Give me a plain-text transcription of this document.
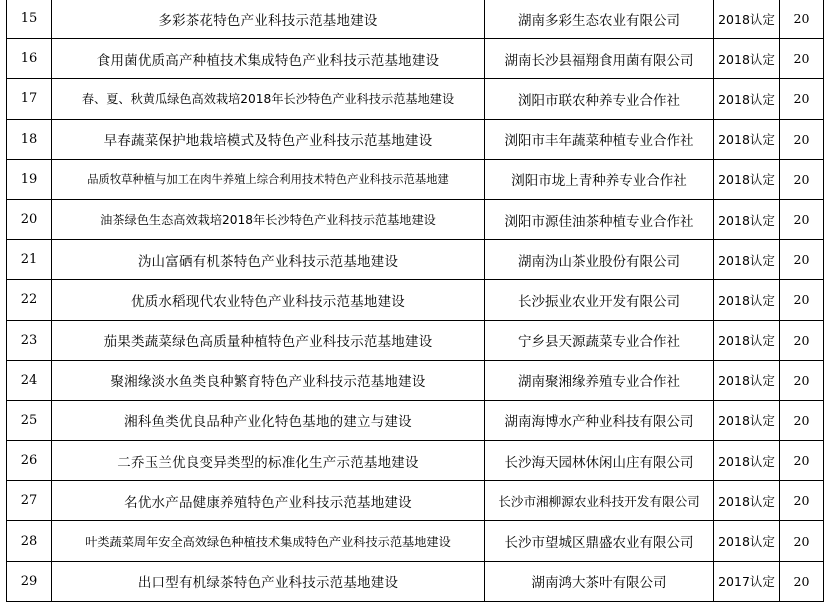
15	多彩茶花特色产业科技示范基地建设	湖南多彩生态农业有限公司	2018认定	20
16	食用菌优质高产种植技术集成特色产业科技示范基地建设	湖南长沙县福翔食用菌有限公司	2018认定	20
17	春、夏、秋黄瓜绿色高效栽培2018年长沙特色产业科技示范基地建设	浏阳市联农种养专业合作社	2018认定	20
18	早春蔬菜保护地栽培模式及特色产业科技示范基地建设	浏阳市丰年蔬菜种植专业合作社	2018认定	20
19	品质牧草种植与加工在肉牛养殖上综合利用技术特色产业科技示范基地建	浏阳市垅上青种养专业合作社	2018认定	20
20	油茶绿色生态高效栽培2018年长沙特色产业科技示范基地建设	浏阳市源佳油茶种植专业合作社	2018认定	20
21	沩山富硒有机茶特色产业科技示范基地建设	湖南沩山茶业股份有限公司	2018认定	20
22	优质水稻现代农业特色产业科技示范基地建设	长沙振业农业开发有限公司	2018认定	20
23	茄果类蔬菜绿色高质量种植特色产业科技示范基地建设	宁乡县天源蔬菜专业合作社	2018认定	20
24	聚湘缘淡水鱼类良种繁育特色产业科技示范基地建设	湖南聚湘缘养殖专业合作社	2018认定	20
25	湘科鱼类优良品种产业化特色基地的建立与建设	湖南海博水产种业科技有限公司	2018认定	20
26	二乔玉兰优良变异类型的标准化生产示范基地建设	长沙海天园林休闲山庄有限公司	2018认定	20
27	名优水产品健康养殖特色产业科技示范基地建设	长沙市湘柳源农业科技开发有限公司	2018认定	20
28	叶类蔬菜周年安全高效绿色种植技术集成特色产业科技示范基地建设	长沙市望城区鼎盛农业有限公司	2018认定	20
29	出口型有机绿茶特色产业科技示范基地建设	湖南鸿大茶叶有限公司	2017认定	20
